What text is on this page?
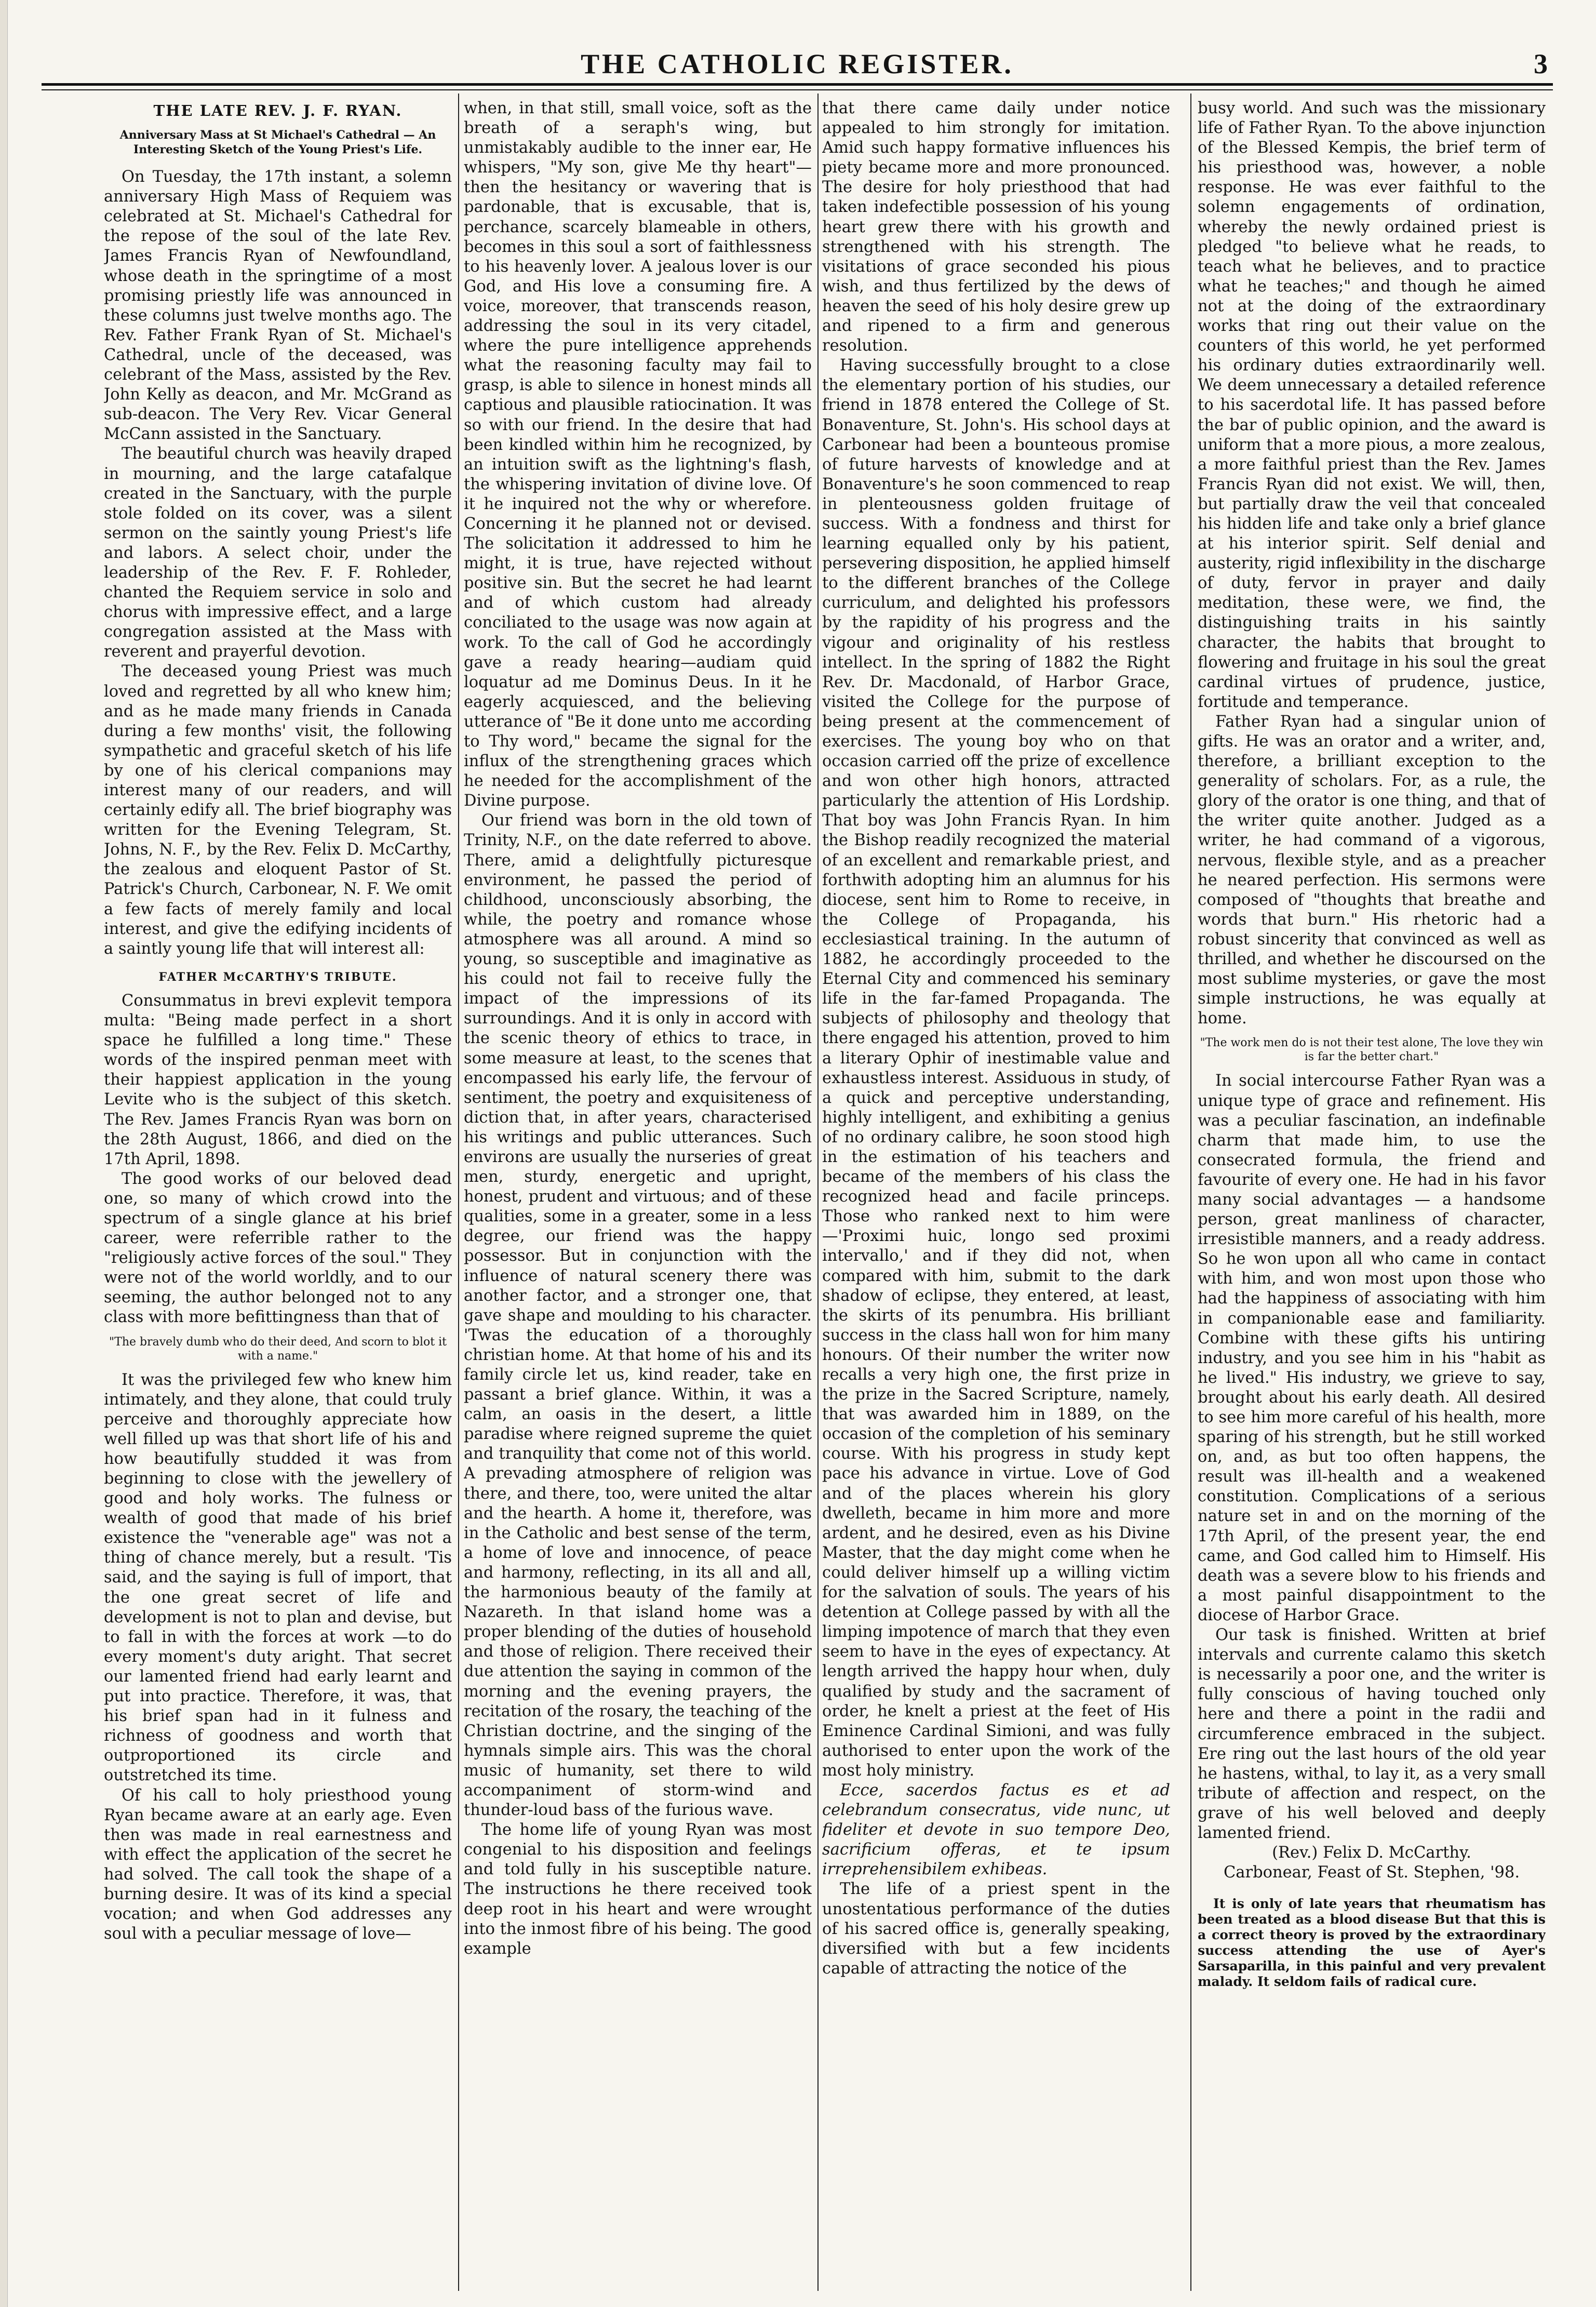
THE CATHOLIC REGISTER.	3
THE LATE REV. J. F. RYAN.
Anniversary Mass at St Michael's Cathedral — An Interesting Sketch of the Young Priest's Life.

On Tuesday, the 17th instant, a solemn anniversary High Mass of Requiem was celebrated at St. Michael's Cathedral for the repose of the soul of the late Rev. James Francis Ryan of Newfoundland, whose death in the springtime of a most promising priestly life was announced in these columns just twelve months ago. The Rev. Father Frank Ryan of St. Michael's Cathedral, uncle of the deceased, was celebrant of the Mass, assisted by the Rev. John Kelly as deacon, and Mr. McGrand as sub-deacon. The Very Rev. Vicar General McCann assisted in the Sanctuary.

The beautiful church was heavily draped in mourning, and the large catafalque created in the Sanctuary, with the purple stole folded on its cover, was a silent sermon on the saintly young Priest's life and labors. A select choir, under the leadership of the Rev. F. F. Rohleder, chanted the Requiem service in solo and chorus with impressive effect, and a large congregation assisted at the Mass with reverent and prayerful devotion.

The deceased young Priest was much loved and regretted by all who knew him; and as he made many friends in Canada during a few months' visit, the following sympathetic and graceful sketch of his life by one of his clerical companions may interest many of our readers, and will certainly edify all. The brief biography was written for the Evening Telegram, St. Johns, N. F., by the Rev. Felix D. McCarthy, the zealous and eloquent Pastor of St. Patrick's Church, Carbonear, N. F. We omit a few facts of merely family and local interest, and give the edifying incidents of a saintly young life that will interest all:

FATHER McCARTHY'S TRIBUTE.

Consummatus in brevi explevit tempora multa: "Being made perfect in a short space he fulfilled a long time." These words of the inspired penman meet with their happiest application in the young Levite who is the subject of this sketch. The Rev. James Francis Ryan was born on the 28th August, 1866, and died on the 17th April, 1898.

The good works of our beloved dead one, so many of which crowd into the spectrum of a single glance at his brief career, were referrible rather to the "religiously active forces of the soul." They were not of the world worldly, and to our seeming, the author belonged not to any class with more befittingness than that of

"The bravely dumb who do their deed, And scorn to blot it with a name."

It was the privileged few who knew him intimately, and they alone, that could truly perceive and thoroughly appreciate how well filled up was that short life of his and how beautifully studded it was from beginning to close with the jewellery of good and holy works. The fulness or wealth of good that made of his brief existence the "venerable age" was not a thing of chance merely, but a result. 'Tis said, and the saying is full of import, that the one great secret of life and development is not to plan and devise, but to fall in with the forces at work —to do every moment's duty aright. That secret our lamented friend had early learnt and put into practice. Therefore, it was, that his brief span had in it fulness and richness of goodness and worth that outproportioned its circle and outstretched its time.

Of his call to holy priesthood young Ryan became aware at an early age. Even then was made in real earnestness and with effect the application of the secret he had solved. The call took the shape of a burning desire. It was of its kind a special vocation; and when God addresses any soul with a peculiar message of love—

when, in that still, small voice, soft as the breath of a seraph's wing, but unmistakably audible to the inner ear, He whispers, "My son, give Me thy heart"—then the hesitancy or wavering that is pardonable, that is excusable, that is, perchance, scarcely blameable in others, becomes in this soul a sort of faithlessness to his heavenly lover. A jealous lover is our God, and His love a consuming fire. A voice, moreover, that transcends reason, addressing the soul in its very citadel, where the pure intelligence apprehends what the reasoning faculty may fail to grasp, is able to silence in honest minds all captious and plausible ratiocination. It was so with our friend. In the desire that had been kindled within him he recognized, by an intuition swift as the lightning's flash, the whispering invitation of divine love. Of it he inquired not the why or wherefore. Concerning it he planned not or devised. The solicitation it addressed to him he might, it is true, have rejected without positive sin. But the secret he had learnt and of which custom had already conciliated to the usage was now again at work. To the call of God he accordingly gave a ready hearing—audiam quid loquatur ad me Dominus Deus. In it he eagerly acquiesced, and the believing utterance of "Be it done unto me according to Thy word," became the signal for the influx of the strengthening graces which he needed for the accomplishment of the Divine purpose.

Our friend was born in the old town of Trinity, N.F., on the date referred to above. There, amid a delightfully picturesque environment, he passed the period of childhood, unconsciously absorbing, the while, the poetry and romance whose atmosphere was all around. A mind so young, so susceptible and imaginative as his could not fail to receive fully the impact of the impressions of its surroundings. And it is only in accord with the scenic theory of ethics to trace, in some measure at least, to the scenes that encompassed his early life, the fervour of sentiment, the poetry and exquisiteness of diction that, in after years, characterised his writings and public utterances. Such environs are usually the nurseries of great men, sturdy, energetic and upright, honest, prudent and virtuous; and of these qualities, some in a greater, some in a less degree, our friend was the happy possessor. But in conjunction with the influence of natural scenery there was another factor, and a stronger one, that gave shape and moulding to his character. 'Twas the education of a thoroughly christian home. At that home of his and its family circle let us, kind reader, take en passant a brief glance. Within, it was a calm, an oasis in the desert, a little paradise where reigned supreme the quiet and tranquility that come not of this world. A prevading atmosphere of religion was there, and there, too, were united the altar and the hearth. A home it, therefore, was in the Catholic and best sense of the term, a home of love and innocence, of peace and harmony, reflecting, in its all and all, the harmonious beauty of the family at Nazareth. In that island home was a proper blending of the duties of household and those of religion. There received their due attention the saying in common of the morning and the evening prayers, the recitation of the rosary, the teaching of the Christian doctrine, and the singing of the hymnals simple airs. This was the choral music of humanity, set there to wild accompaniment of storm-wind and thunder-loud bass of the furious wave.

The home life of young Ryan was most congenial to his disposition and feelings and told fully in his susceptible nature. The instructions he there received took deep root in his heart and were wrought into the inmost fibre of his being. The good example

that there came daily under notice appealed to him strongly for imitation. Amid such happy formative influences his piety became more and more pronounced. The desire for holy priesthood that had taken indefectible possession of his young heart grew there with his growth and strengthened with his strength. The visitations of grace seconded his pious wish, and thus fertilized by the dews of heaven the seed of his holy desire grew up and ripened to a firm and generous resolution.

Having successfully brought to a close the elementary portion of his studies, our friend in 1878 entered the College of St. Bonaventure, St. John's. His school days at Carbonear had been a bounteous promise of future harvests of knowledge and at Bonaventure's he soon commenced to reap in plenteousness golden fruitage of success. With a fondness and thirst for learning equalled only by his patient, persevering disposition, he applied himself to the different branches of the College curriculum, and delighted his professors by the rapidity of his progress and the vigour and originality of his restless intellect. In the spring of 1882 the Right Rev. Dr. Macdonald, of Harbor Grace, visited the College for the purpose of being present at the commencement of exercises. The young boy who on that occasion carried off the prize of excellence and won other high honors, attracted particularly the attention of His Lordship. That boy was John Francis Ryan. In him the Bishop readily recognized the material of an excellent and remarkable priest, and forthwith adopting him an alumnus for his diocese, sent him to Rome to receive, in the College of Propaganda, his ecclesiastical training. In the autumn of 1882, he accordingly proceeded to the Eternal City and commenced his seminary life in the far-famed Propaganda. The subjects of philosophy and theology that there engaged his attention, proved to him a literary Ophir of inestimable value and exhaustless interest. Assiduous in study, of a quick and perceptive understanding, highly intelligent, and exhibiting a genius of no ordinary calibre, he soon stood high in the estimation of his teachers and became of the members of his class the recognized head and facile princeps. Those who ranked next to him were—'Proximi huic, longo sed proximi intervallo,' and if they did not, when compared with him, submit to the dark shadow of eclipse, they entered, at least, the skirts of its penumbra. His brilliant success in the class hall won for him many honours. Of their number the writer now recalls a very high one, the first prize in the prize in the Sacred Scripture, namely, that was awarded him in 1889, on the occasion of the completion of his seminary course. With his progress in study kept pace his advance in virtue. Love of God and of the places wherein his glory dwelleth, became in him more and more ardent, and he desired, even as his Divine Master, that the day might come when he could deliver himself up a willing victim for the salvation of souls. The years of his detention at College passed by with all the limping impotence of march that they even seem to have in the eyes of expectancy. At length arrived the happy hour when, duly qualified by study and the sacrament of order, he knelt a priest at the feet of His Eminence Cardinal Simioni, and was fully authorised to enter upon the work of the most holy ministry.

Ecce, sacerdos factus es et ad celebrandum consecratus, vide nunc, ut fideliter et devote in suo tempore Deo, sacrificium offeras, et te ipsum irreprehensibilem exhibeas.

The life of a priest spent in the unostentatious performance of the duties of his sacred office is, generally speaking, diversified with but a few incidents capable of attracting the notice of the

busy world. And such was the missionary life of Father Ryan. To the above injunction of the Blessed Kempis, the brief term of his priesthood was, however, a noble response. He was ever faithful to the solemn engagements of ordination, whereby the newly ordained priest is pledged "to believe what he reads, to teach what he believes, and to practice what he teaches;" and though he aimed not at the doing of the extraordinary works that ring out their value on the counters of this world, he yet performed his ordinary duties extraordinarily well. We deem unnecessary a detailed reference to his sacerdotal life. It has passed before the bar of public opinion, and the award is uniform that a more pious, a more zealous, a more faithful priest than the Rev. James Francis Ryan did not exist. We will, then, but partially draw the veil that concealed his hidden life and take only a brief glance at his interior spirit. Self denial and austerity, rigid inflexibility in the discharge of duty, fervor in prayer and daily meditation, these were, we find, the distinguishing traits in his saintly character, the habits that brought to flowering and fruitage in his soul the great cardinal virtues of prudence, justice, fortitude and temperance.

Father Ryan had a singular union of gifts. He was an orator and a writer, and, therefore, a brilliant exception to the generality of scholars. For, as a rule, the glory of the orator is one thing, and that of the writer quite another. Judged as a writer, he had command of a vigorous, nervous, flexible style, and as a preacher he neared perfection. His sermons were composed of "thoughts that breathe and words that burn." His rhetoric had a robust sincerity that convinced as well as thrilled, and whether he discoursed on the most sublime mysteries, or gave the most simple instructions, he was equally at home.

"The work men do is not their test alone, The love they win is far the better chart."

In social intercourse Father Ryan was a unique type of grace and refinement. His was a peculiar fascination, an indefinable charm that made him, to use the consecrated formula, the friend and favourite of every one. He had in his favor many social advantages — a handsome person, great manliness of character, irresistible manners, and a ready address. So he won upon all who came in contact with him, and won most upon those who had the happiness of associating with him in companionable ease and familiarity. Combine with these gifts his untiring industry, and you see him in his "habit as he lived." His industry, we grieve to say, brought about his early death. All desired to see him more careful of his health, more sparing of his strength, but he still worked on, and, as but too often happens, the result was ill-health and a weakened constitution. Complications of a serious nature set in and on the morning of the 17th April, of the present year, the end came, and God called him to Himself. His death was a severe blow to his friends and a most painful disappointment to the diocese of Harbor Grace.

Our task is finished. Written at brief intervals and currente calamo this sketch is necessarily a poor one, and the writer is fully conscious of having touched only here and there a point in the radii and circumference embraced in the subject. Ere ring out the last hours of the old year he hastens, withal, to lay it, as a very small tribute of affection and respect, on the grave of his well beloved and deeply lamented friend.

(Rev.) Felix D. McCarthy.

Carbonear, Feast of St. Stephen, '98.

It is only of late years that rheumatism has been treated as a blood disease But that this is a correct theory is proved by the extraordinary success attending the use of Ayer's Sarsaparilla, in this painful and very prevalent malady. It seldom fails of radical cure.
